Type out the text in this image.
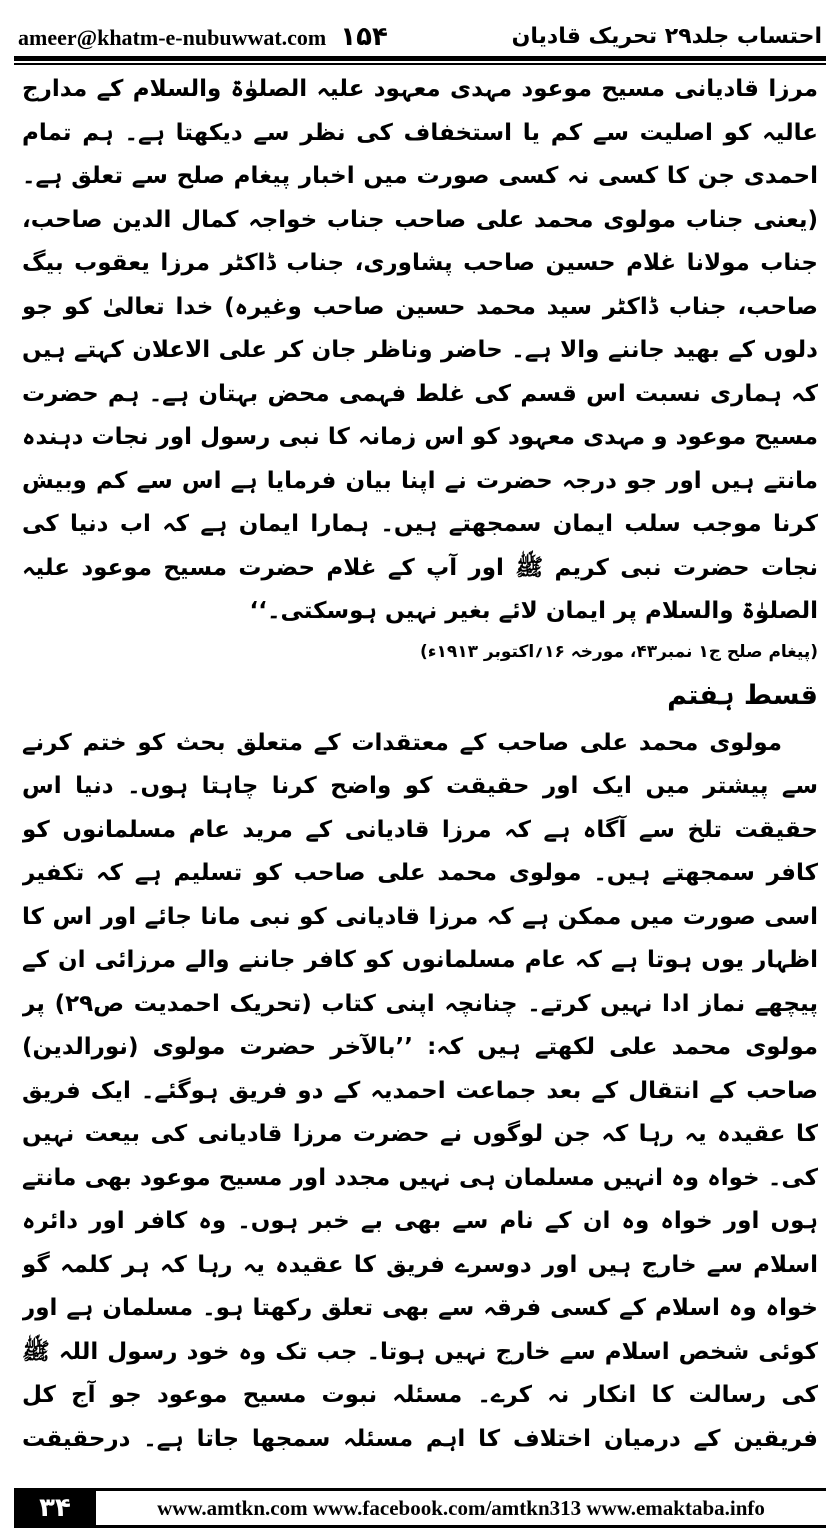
ameer@khatm-e-nubuwwat.com ۱۵۴	احتساب جلد۲۹ تحریک قادیان

مرزا قادیانی مسیح موعود مہدی معہود علیہ الصلوٰۃ والسلام کے مدارج عالیہ کو اصلیت سے کم یا استخفاف کی نظر سے دیکھتا ہے۔ ہم تمام احمدی جن کا کسی نہ کسی صورت میں اخبار پیغام صلح سے تعلق ہے۔ (یعنی جناب مولوی محمد علی صاحب جناب خواجہ کمال الدین صاحب، جناب مولانا غلام حسین صاحب پشاوری، جناب ڈاکٹر مرزا یعقوب بیگ صاحب، جناب ڈاکٹر سید محمد حسین صاحب وغیرہ) خدا تعالیٰ کو جو دلوں کے بھید جاننے والا ہے۔ حاضر وناظر جان کر علی الاعلان کہتے ہیں کہ ہماری نسبت اس قسم کی غلط فہمی محض بہتان ہے۔ ہم حضرت مسیح موعود و مہدی معہود کو اس زمانہ کا نبی رسول اور نجات دہندہ مانتے ہیں اور جو درجہ حضرت نے اپنا بیان فرمایا ہے اس سے کم وبیش کرنا موجب سلب ایمان سمجھتے ہیں۔ ہمارا ایمان ہے کہ اب دنیا کی نجات حضرت نبی کریم ﷺ اور آپ کے غلام حضرت مسیح موعود علیہ الصلوٰۃ والسلام پر ایمان لائے بغیر نہیں ہوسکتی۔‘‘

(پیغام صلح ج۱ نمبر۴۳، مورخہ ۱۶؍اکتوبر ۱۹۱۳ء)

قسط ہفتم

مولوی محمد علی صاحب کے معتقدات کے متعلق بحث کو ختم کرنے سے پیشتر میں ایک اور حقیقت کو واضح کرنا چاہتا ہوں۔ دنیا اس حقیقت تلخ سے آگاہ ہے کہ مرزا قادیانی کے مرید عام مسلمانوں کو کافر سمجھتے ہیں۔ مولوی محمد علی صاحب کو تسلیم ہے کہ تکفیر اسی صورت میں ممکن ہے کہ مرزا قادیانی کو نبی مانا جائے اور اس کا اظہار یوں ہوتا ہے کہ عام مسلمانوں کو کافر جاننے والے مرزائی ان کے پیچھے نماز ادا نہیں کرتے۔ چنانچہ اپنی کتاب (تحریک احمدیت ص۲۹) پر مولوی محمد علی لکھتے ہیں کہ: ’’بالآخر حضرت مولوی (نورالدین) صاحب کے انتقال کے بعد جماعت احمدیہ کے دو فریق ہوگئے۔ ایک فریق کا عقیدہ یہ رہا کہ جن لوگوں نے حضرت مرزا قادیانی کی بیعت نہیں کی۔ خواہ وہ انہیں مسلمان ہی نہیں مجدد اور مسیح موعود بھی مانتے ہوں اور خواہ وہ ان کے نام سے بھی بے خبر ہوں۔ وہ کافر اور دائرہ اسلام سے خارج ہیں اور دوسرے فریق کا عقیدہ یہ رہا کہ ہر کلمہ گو خواہ وہ اسلام کے کسی فرقہ سے بھی تعلق رکھتا ہو۔ مسلمان ہے اور کوئی شخص اسلام سے خارج نہیں ہوتا۔ جب تک وہ خود رسول اللہ ﷺ کی رسالت کا انکار نہ کرے۔ مسئلہ نبوت مسیح موعود جو آج کل فریقین کے درمیان اختلاف کا اہم مسئلہ سمجھا جاتا ہے۔ درحقیقت

۳۴	www.amtkn.com www.facebook.com/amtkn313 www.emaktaba.info
